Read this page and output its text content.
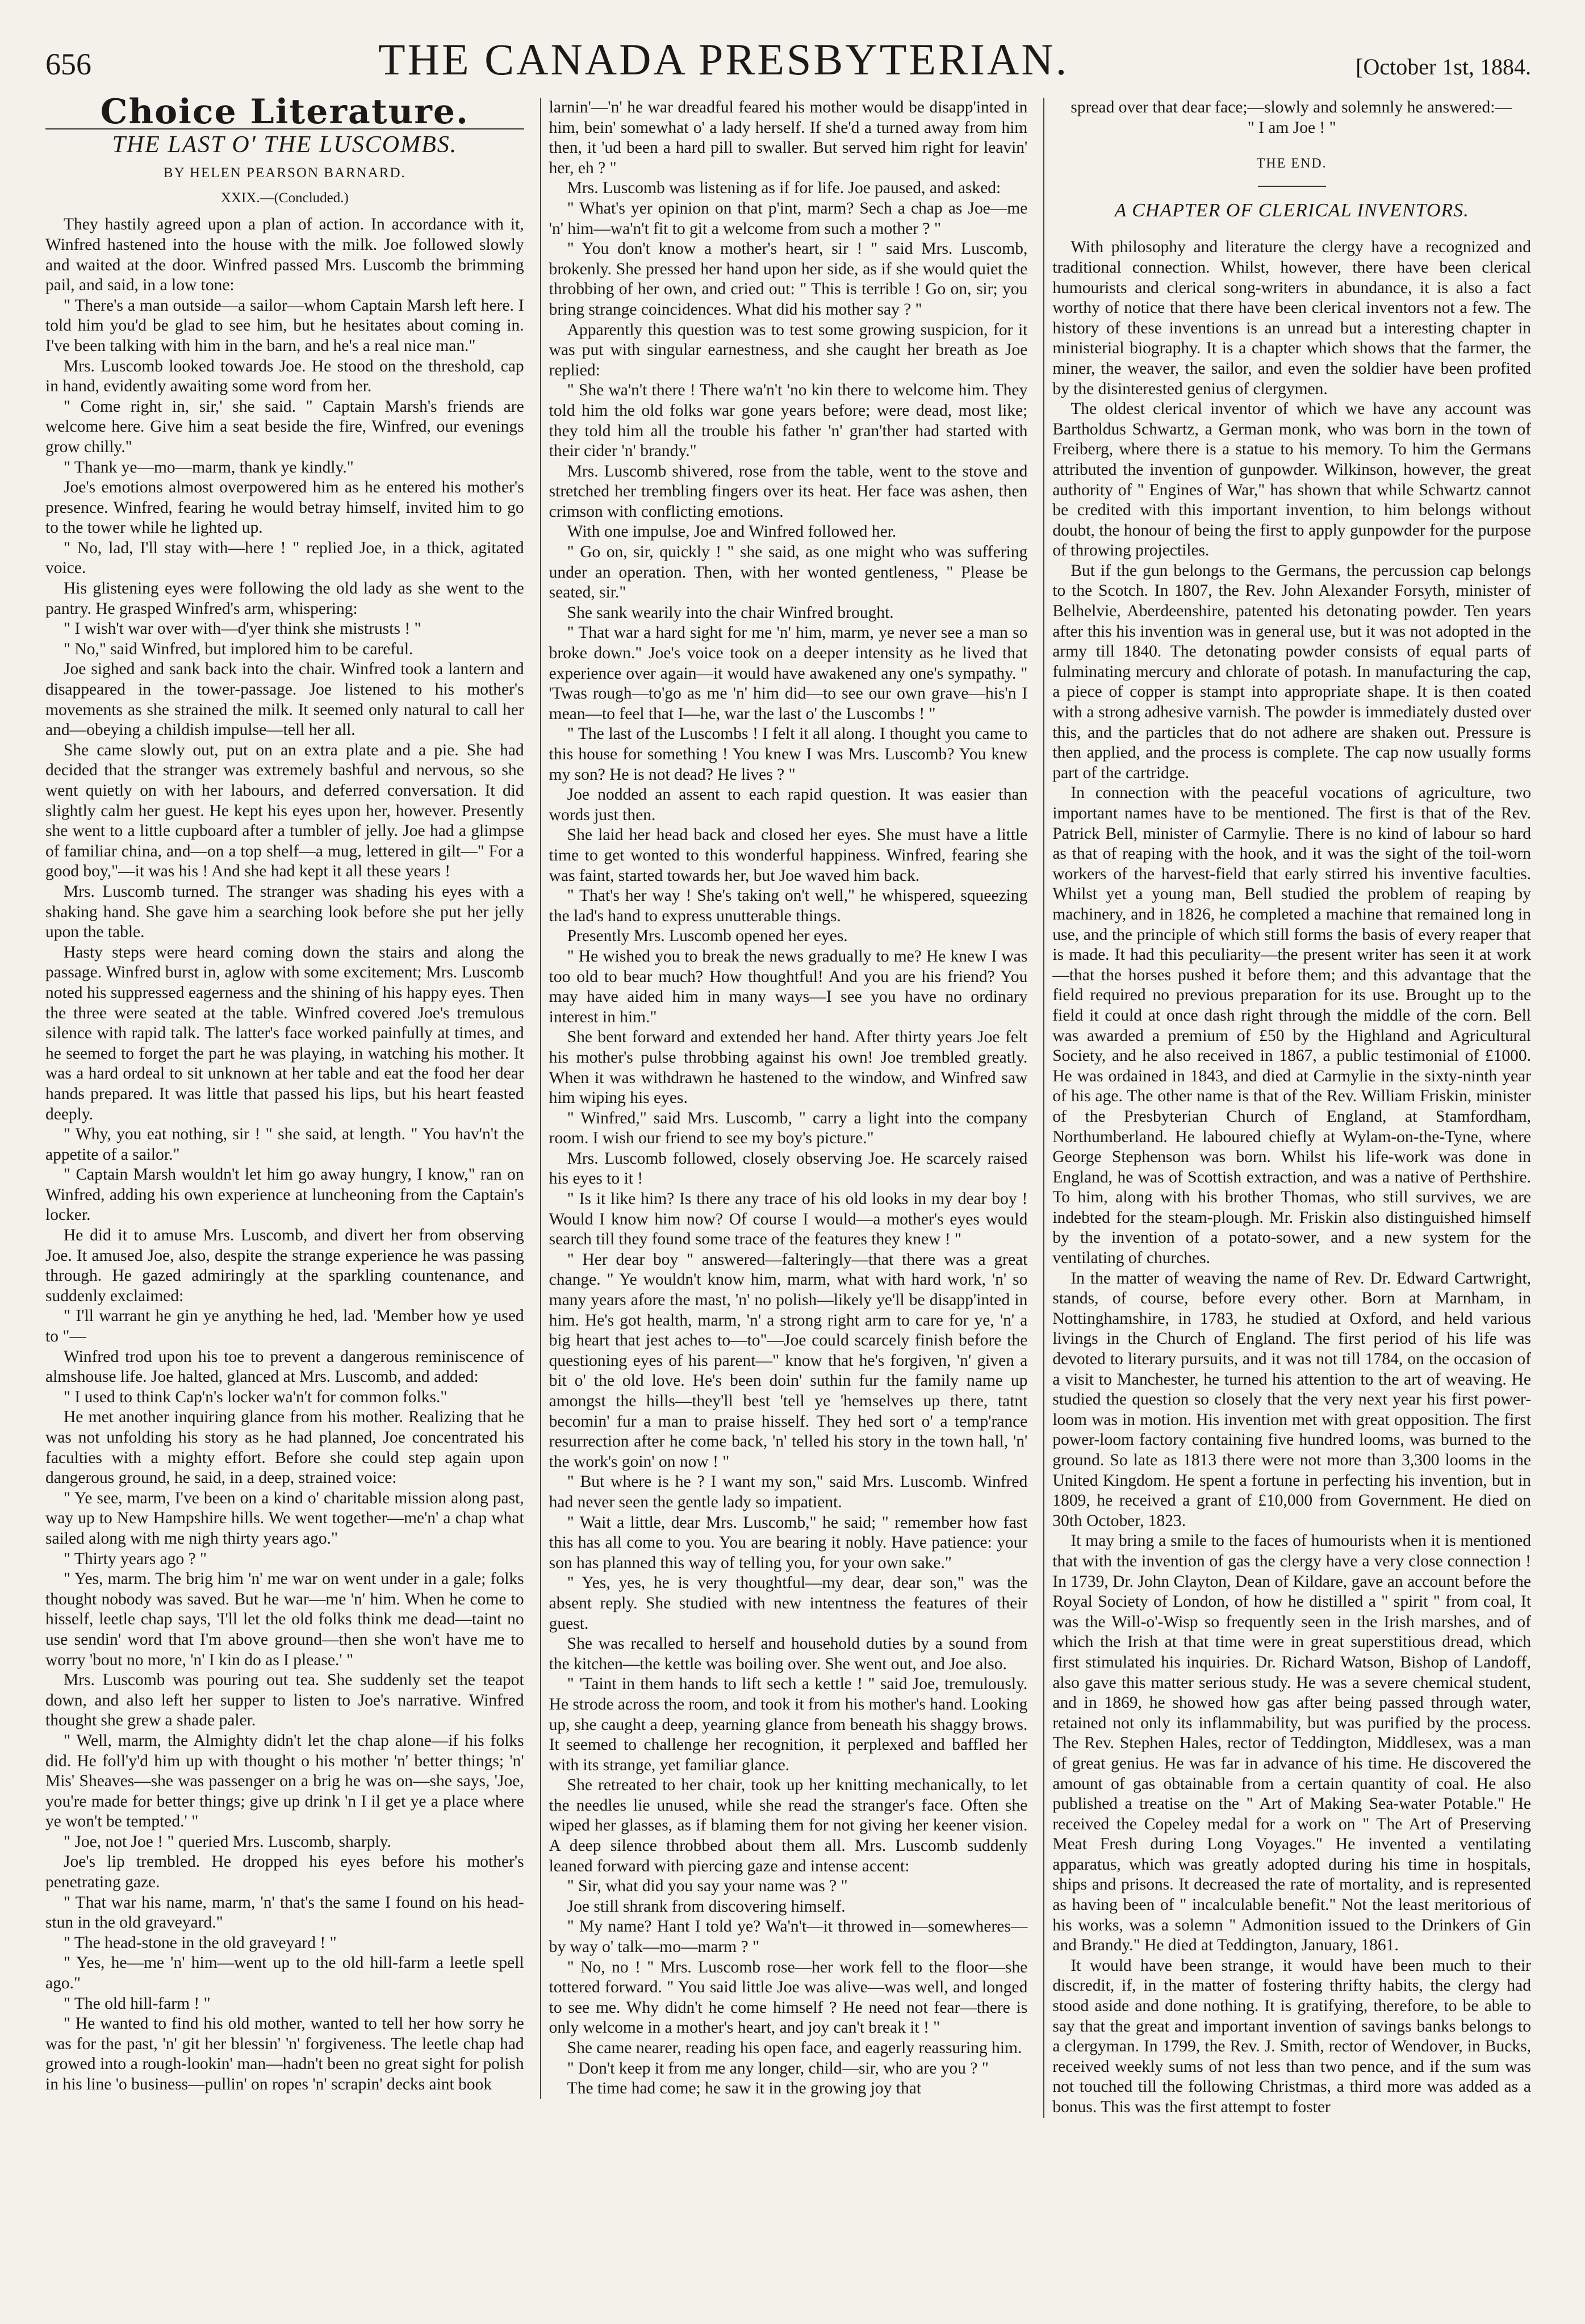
656	THE CANADA PRESBYTERIAN.	[October 1st, 1884.
Choice Literature.
THE LAST O' THE LUSCOMBS.
BY HELEN PEARSON BARNARD.
XXIX.—(Concluded.)

They hastily agreed upon a plan of action. In accordance with it, Winfred hastened into the house with the milk. Joe followed slowly and waited at the door. Winfred passed Mrs. Luscomb the brimming pail, and said, in a low tone:

" There's a man outside—a sailor—whom Captain Marsh left here. I told him you'd be glad to see him, but he hesitates about coming in. I've been talking with him in the barn, and he's a real nice man."

Mrs. Luscomb looked towards Joe. He stood on the threshold, cap in hand, evidently awaiting some word from her.

" Come right in, sir,' she said. " Captain Marsh's friends are welcome here. Give him a seat beside the fire, Winfred, our evenings grow chilly."

" Thank ye—mo—marm, thank ye kindly."

Joe's emotions almost overpowered him as he entered his mother's presence. Winfred, fearing he would betray himself, invited him to go to the tower while he lighted up.

" No, lad, I'll stay with—here ! " replied Joe, in a thick, agitated voice.

His glistening eyes were following the old lady as she went to the pantry. He grasped Winfred's arm, whispering:

" I wish't war over with—d'yer think she mistrusts ! "

" No," said Winfred, but implored him to be careful.

Joe sighed and sank back into the chair. Winfred took a lantern and disappeared in the tower-passage. Joe listened to his mother's movements as she strained the milk. It seemed only natural to call her and—obeying a childish impulse—tell her all.

She came slowly out, put on an extra plate and a pie. She had decided that the stranger was extremely bashful and nervous, so she went quietly on with her labours, and deferred conversation. It did slightly calm her guest. He kept his eyes upon her, however. Presently she went to a little cupboard after a tumbler of jelly. Joe had a glimpse of familiar china, and—on a top shelf—a mug, lettered in gilt—" For a good boy,"—it was his ! And she had kept it all these years !

Mrs. Luscomb turned. The stranger was shading his eyes with a shaking hand. She gave him a searching look before she put her jelly upon the table.

Hasty steps were heard coming down the stairs and along the passage. Winfred burst in, aglow with some excitement; Mrs. Luscomb noted his suppressed eagerness and the shining of his happy eyes. Then the three were seated at the table. Winfred covered Joe's tremulous silence with rapid talk. The latter's face worked painfully at times, and he seemed to forget the part he was playing, in watching his mother. It was a hard ordeal to sit unknown at her table and eat the food her dear hands prepared. It was little that passed his lips, but his heart feasted deeply.

" Why, you eat nothing, sir ! " she said, at length. " You hav'n't the appetite of a sailor."

" Captain Marsh wouldn't let him go away hungry, I know," ran on Winfred, adding his own experience at luncheoning from the Captain's locker.

He did it to amuse Mrs. Luscomb, and divert her from observing Joe. It amused Joe, also, despite the strange experience he was passing through. He gazed admiringly at the sparkling countenance, and suddenly exclaimed:

" I'll warrant he gin ye anything he hed, lad. 'Member how ye used to "—

Winfred trod upon his toe to prevent a dangerous reminiscence of almshouse life. Joe halted, glanced at Mrs. Luscomb, and added:

" I used to think Cap'n's locker wa'n't for common folks."

He met another inquiring glance from his mother. Realizing that he was not unfolding his story as he had planned, Joe concentrated his faculties with a mighty effort. Before she could step again upon dangerous ground, he said, in a deep, strained voice:

" Ye see, marm, I've been on a kind o' charitable mission along past, way up to New Hampshire hills. We went together—me'n' a chap what sailed along with me nigh thirty years ago."

" Thirty years ago ? "

" Yes, marm. The brig him 'n' me war on went under in a gale; folks thought nobody was saved. But he war—me 'n' him. When he come to hisself, leetle chap says, 'I'll let the old folks think me dead—taint no use sendin' word that I'm above ground—then she won't have me to worry 'bout no more, 'n' I kin do as I please.' "

Mrs. Luscomb was pouring out tea. She suddenly set the teapot down, and also left her supper to listen to Joe's narrative. Winfred thought she grew a shade paler.

" Well, marm, the Almighty didn't let the chap alone—if his folks did. He foll'y'd him up with thought o his mother 'n' better things; 'n' Mis' Sheaves—she was passenger on a brig he was on—she says, 'Joe, you're made for better things; give up drink 'n I il get ye a place where ye won't be tempted.' "

" Joe, not Joe ! " queried Mrs. Luscomb, sharply.

Joe's lip trembled. He dropped his eyes before his mother's penetrating gaze.

" That war his name, marm, 'n' that's the same I found on his head-stun in the old graveyard."

" The head-stone in the old graveyard ! "

" Yes, he—me 'n' him—went up to the old hill-farm a leetle spell ago."

" The old hill-farm ! "

" He wanted to find his old mother, wanted to tell her how sorry he was for the past, 'n' git her blessin' 'n' forgiveness. The leetle chap had growed into a rough-lookin' man—hadn't been no great sight for polish in his line 'o business—pullin' on ropes 'n' scrapin' decks aint book

larnin'—'n' he war dreadful feared his mother would be disapp'inted in him, bein' somewhat o' a lady herself. If she'd a turned away from him then, it 'ud been a hard pill to swaller. But served him right for leavin' her, eh ? "

Mrs. Luscomb was listening as if for life. Joe paused, and asked:

" What's yer opinion on that p'int, marm? Sech a chap as Joe—me 'n' him—wa'n't fit to git a welcome from such a mother ? "

" You don't know a mother's heart, sir ! " said Mrs. Luscomb, brokenly. She pressed her hand upon her side, as if she would quiet the throbbing of her own, and cried out: " This is terrible ! Go on, sir; you bring strange coincidences. What did his mother say ? "

Apparently this question was to test some growing suspicion, for it was put with singular earnestness, and she caught her breath as Joe replied:

" She wa'n't there ! There wa'n't 'no kin there to welcome him. They told him the old folks war gone years before; were dead, most like; they told him all the trouble his father 'n' gran'ther had started with their cider 'n' brandy."

Mrs. Luscomb shivered, rose from the table, went to the stove and stretched her trembling fingers over its heat. Her face was ashen, then crimson with conflicting emotions.

With one impulse, Joe and Winfred followed her.

" Go on, sir, quickly ! " she said, as one might who was suffering under an operation. Then, with her wonted gentleness, " Please be seated, sir."

She sank wearily into the chair Winfred brought.

" That war a hard sight for me 'n' him, marm, ye never see a man so broke down." Joe's voice took on a deeper intensity as he lived that experience over again—it would have awakened any one's sympathy. " 'Twas rough—to'go as me 'n' him did—to see our own grave—his'n I mean—to feel that I—he, war the last o' the Luscombs ! "

" The last of the Luscombs ! I felt it all along. I thought you came to this house for something ! You knew I was Mrs. Luscomb? You knew my son? He is not dead? He lives ? "

Joe nodded an assent to each rapid question. It was easier than words just then.

She laid her head back and closed her eyes. She must have a little time to get wonted to this wonderful happiness. Winfred, fearing she was faint, started towards her, but Joe waved him back.

" That's her way ! She's taking on't well," he whispered, squeezing the lad's hand to express unutterable things.

Presently Mrs. Luscomb opened her eyes.

" He wished you to break the news gradually to me? He knew I was too old to bear much? How thoughtful! And you are his friend? You may have aided him in many ways—I see you have no ordinary interest in him."

She bent forward and extended her hand. After thirty years Joe felt his mother's pulse throbbing against his own! Joe trembled greatly. When it was withdrawn he hastened to the window, and Winfred saw him wiping his eyes.

" Winfred," said Mrs. Luscomb, " carry a light into the company room. I wish our friend to see my boy's picture."

Mrs. Luscomb followed, closely observing Joe. He scarcely raised his eyes to it !

" Is it like him? Is there any trace of his old looks in my dear boy ! Would I know him now? Of course I would—a mother's eyes would search till they found some trace of the features they knew ! "

" Her dear boy " answered—falteringly—that there was a great change. " Ye wouldn't know him, marm, what with hard work, 'n' so many years afore the mast, 'n' no polish—likely ye'll be disapp'inted in him. He's got health, marm, 'n' a strong right arm to care for ye, 'n' a big heart that jest aches to—to"—Joe could scarcely finish before the questioning eyes of his parent—" know that he's forgiven, 'n' given a bit o' the old love. He's been doin' suthin fur the family name up amongst the hills—they'll best 'tell ye 'hemselves up there, tatnt becomin' fur a man to praise hisself. They hed sort o' a temp'rance resurrection after he come back, 'n' telled his story in the town hall, 'n' the work's goin' on now ! "

" But where is he ? I want my son," said Mrs. Luscomb. Winfred had never seen the gentle lady so impatient.

" Wait a little, dear Mrs. Luscomb," he said; " remember how fast this has all come to you. You are bearing it nobly. Have patience: your son has planned this way of telling you, for your own sake."

" Yes, yes, he is very thoughtful—my dear, dear son," was the absent reply. She studied with new intentness the features of their guest.

She was recalled to herself and household duties by a sound from the kitchen—the kettle was boiling over. She went out, and Joe also.

" 'Taint in them hands to lift sech a kettle ! " said Joe, tremulously. He strode across the room, and took it from his mother's hand. Looking up, she caught a deep, yearning glance from beneath his shaggy brows. It seemed to challenge her recognition, it perplexed and baffled her with its strange, yet familiar glance.

She retreated to her chair, took up her knitting mechanically, to let the needles lie unused, while she read the stranger's face. Often she wiped her glasses, as if blaming them for not giving her keener vision. A deep silence throbbed about them all. Mrs. Luscomb suddenly leaned forward with piercing gaze and intense accent:

" Sir, what did you say your name was ? "

Joe still shrank from discovering himself.

" My name? Hant I told ye? Wa'n't—it throwed in—somewheres—by way o' talk—mo—marm ? "

" No, no ! " Mrs. Luscomb rose—her work fell to the floor—she tottered forward. " You said little Joe was alive—was well, and longed to see me. Why didn't he come himself ? He need not fear—there is only welcome in a mother's heart, and joy can't break it ! "

She came nearer, reading his open face, and eagerly reassuring him.

" Don't keep it from me any longer, child—sir, who are you ? "

The time had come; he saw it in the growing joy that

spread over that dear face;—slowly and solemnly he answered:—

" I am Joe ! "

THE END.
A CHAPTER OF CLERICAL INVENTORS.

With philosophy and literature the clergy have a recognized and traditional connection. Whilst, however, there have been clerical humourists and clerical song-writers in abundance, it is also a fact worthy of notice that there have been clerical inventors not a few. The history of these inventions is an unread but a interesting chapter in ministerial biography. It is a chapter which shows that the farmer, the miner, the weaver, the sailor, and even the soldier have been profited by the disinterested genius of clergymen.

The oldest clerical inventor of which we have any account was Bartholdus Schwartz, a German monk, who was born in the town of Freiberg, where there is a statue to his memory. To him the Germans attributed the invention of gunpowder. Wilkinson, however, the great authority of " Engines of War," has shown that while Schwartz cannot be credited with this important invention, to him belongs without doubt, the honour of being the first to apply gunpowder for the purpose of throwing projectiles.

But if the gun belongs to the Germans, the percussion cap belongs to the Scotch. In 1807, the Rev. John Alexander Forsyth, minister of Belhelvie, Aberdeenshire, patented his detonating powder. Ten years after this his invention was in general use, but it was not adopted in the army till 1840. The detonating powder consists of equal parts of fulminating mercury and chlorate of potash. In manufacturing the cap, a piece of copper is stampt into appropriate shape. It is then coated with a strong adhesive varnish. The powder is immediately dusted over this, and the particles that do not adhere are shaken out. Pressure is then applied, and the process is complete. The cap now usually forms part of the cartridge.

In connection with the peaceful vocations of agriculture, two important names have to be mentioned. The first is that of the Rev. Patrick Bell, minister of Carmylie. There is no kind of labour so hard as that of reaping with the hook, and it was the sight of the toil-worn workers of the harvest-field that early stirred his inventive faculties. Whilst yet a young man, Bell studied the problem of reaping by machinery, and in 1826, he completed a machine that remained long in use, and the principle of which still forms the basis of every reaper that is made. It had this peculiarity—the present writer has seen it at work—that the horses pushed it before them; and this advantage that the field required no previous preparation for its use. Brought up to the field it could at once dash right through the middle of the corn. Bell was awarded a premium of £50 by the Highland and Agricultural Society, and he also received in 1867, a public testimonial of £1000. He was ordained in 1843, and died at Carmylie in the sixty-ninth year of his age. The other name is that of the Rev. William Friskin, minister of the Presbyterian Church of England, at Stamfordham, Northumberland. He laboured chiefly at Wylam-on-the-Tyne, where George Stephenson was born. Whilst his life-work was done in England, he was of Scottish extraction, and was a native of Perthshire. To him, along with his brother Thomas, who still survives, we are indebted for the steam-plough. Mr. Friskin also distinguished himself by the invention of a potato-sower, and a new system for the ventilating of churches.

In the matter of weaving the name of Rev. Dr. Edward Cartwright, stands, of course, before every other. Born at Marnham, in Nottinghamshire, in 1783, he studied at Oxford, and held various livings in the Church of England. The first period of his life was devoted to literary pursuits, and it was not till 1784, on the occasion of a visit to Manchester, he turned his attention to the art of weaving. He studied the question so closely that the very next year his first power-loom was in motion. His invention met with great opposition. The first power-loom factory containing five hundred looms, was burned to the ground. So late as 1813 there were not more than 3,300 looms in the United Kingdom. He spent a fortune in perfecting his invention, but in 1809, he received a grant of £10,000 from Government. He died on 30th October, 1823.

It may bring a smile to the faces of humourists when it is mentioned that with the invention of gas the clergy have a very close connection ! In 1739, Dr. John Clayton, Dean of Kildare, gave an account before the Royal Society of London, of how he distilled a " spirit " from coal, It was the Will-o'-Wisp so frequently seen in the Irish marshes, and of which the Irish at that time were in great superstitious dread, which first stimulated his inquiries. Dr. Richard Watson, Bishop of Landoff, also gave this matter serious study. He was a severe chemical student, and in 1869, he showed how gas after being passed through water, retained not only its inflammability, but was purified by the process. The Rev. Stephen Hales, rector of Teddington, Middlesex, was a man of great genius. He was far in advance of his time. He discovered the amount of gas obtainable from a certain quantity of coal. He also published a treatise on the " Art of Making Sea-water Potable." He received the Copeley medal for a work on " The Art of Preserving Meat Fresh during Long Voyages." He invented a ventilating apparatus, which was greatly adopted during his time in hospitals, ships and prisons. It decreased the rate of mortality, and is represented as having been of " incalculable benefit." Not the least meritorious of his works, was a solemn " Admonition issued to the Drinkers of Gin and Brandy." He died at Teddington, January, 1861.

It would have been strange, it would have been much to their discredit, if, in the matter of fostering thrifty habits, the clergy had stood aside and done nothing. It is gratifying, therefore, to be able to say that the great and important invention of savings banks belongs to a clergyman. In 1799, the Rev. J. Smith, rector of Wendover, in Bucks, received weekly sums of not less than two pence, and if the sum was not touched till the following Christmas, a third more was added as a bonus. This was the first attempt to foster
